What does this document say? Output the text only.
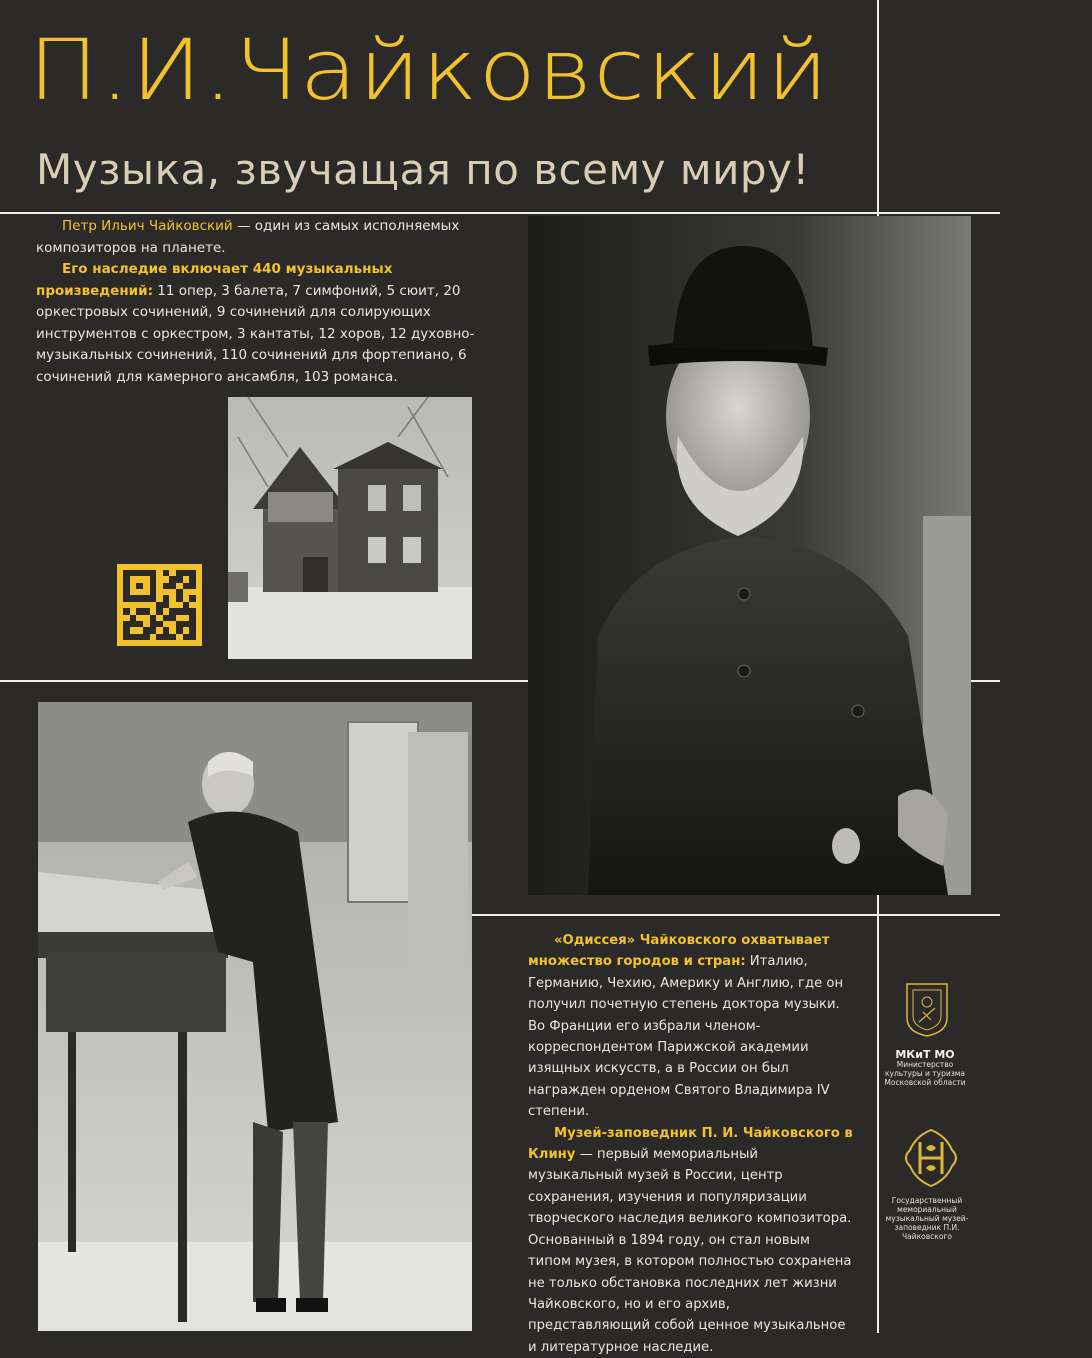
П.И.Чайковский
Музыка, звучащая по всему миру!

Петр Ильич Чайковский — один из самых исполняемых композиторов на планете.

Его наследие включает 440 музыкальных произведений: 11 опер, 3 балета, 7 симфоний, 5 сюит, 20 оркестровых сочинений, 9 сочинений для солирующих инструментов с оркестром, 3 кантаты, 12 хоров, 12 духовно-музыкальных сочинений, 110 сочинений для фортепиано, 6 сочинений для камерного ансамбля, 103 романса.

«Одиссея» Чайковского охватывает множество городов и стран: Италию, Германию, Чехию, Америку и Англию, где он получил почетную степень доктора музыки. Во Франции его избрали членом-корреспондентом Парижской академии изящных искусств, а в России он был награжден орденом Святого Владимира IV степени.

Музей-заповедник П. И. Чайковского в Клину — первый мемориальный музыкальный музей в России, центр сохранения, изучения и популяризации творческого наследия великого композитора. Основанный в 1894 году, он стал новым типом музея, в котором полностью сохранена не только обстановка последних лет жизни Чайковского, но и его архив, представляющий собой ценное музыкальное и литературное наследие.

МКиТ МО
Министерство культуры и туризма Московской области
Государственный мемориальный музыкальный музей-заповедник П.И. Чайковского
